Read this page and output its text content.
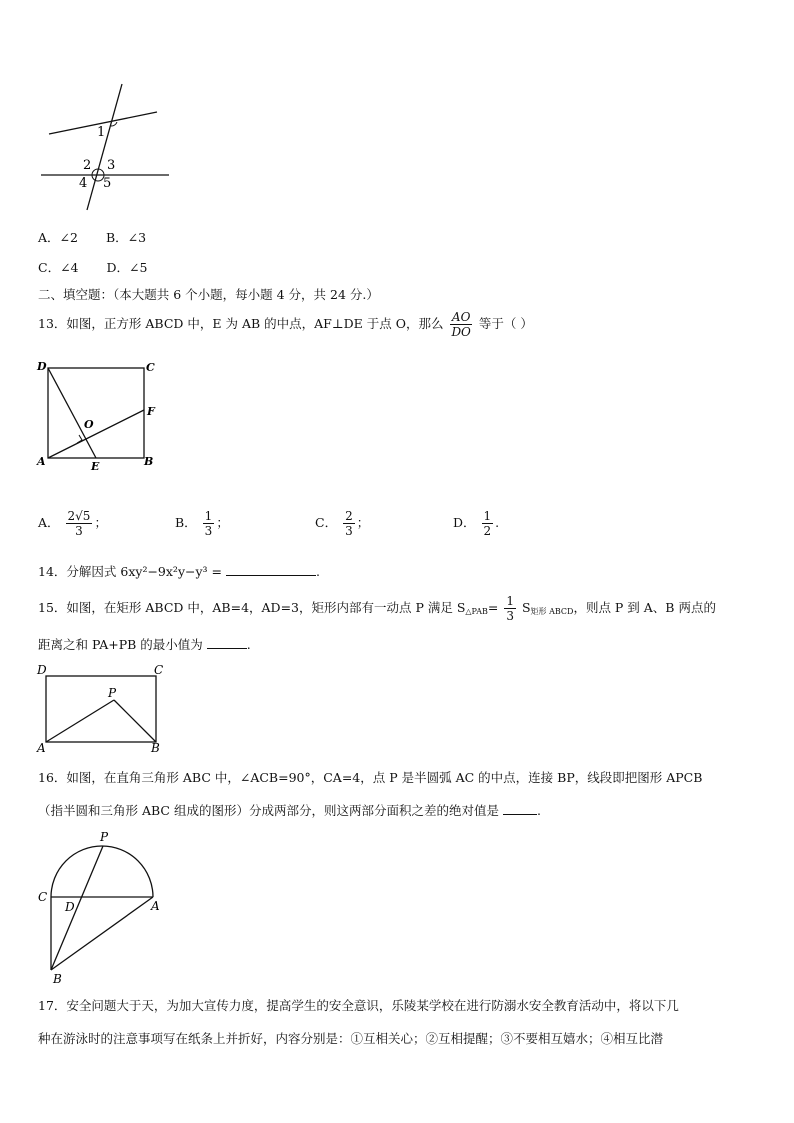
1
2 3
4 5
A．∠2 B．∠3
C．∠4 D．∠5
二、填空题：（本大题共 6 个小题，每小题 4 分，共 24 分.）
13．如图，正方形 ABCD 中，E 为 AB 的中点，AF⊥DE 于点 O，那么 $\frac{AO}{DO}$ 等于（ ）
D	C
F
O
A	E	B
A． $\frac{2√5}{3}$ ；	B． $\frac{1}{3}$ ；	C． $\frac{2}{3}$ ；	D． $\frac{1}{2}$ .
14．分解因式 6xy²−9x²y−y³ =	.
15．如图，在矩形 ABCD 中，AB=4，AD=3，矩形内部有一动点 P 满足 $S_{\triangle PAB}= \frac{1}{3} S_{矩形 ABCD}$，则点 P 到 A、B 两点的
距离之和 PA+PB 的最小值为	.
D	C
P
A	B
16．如图，在直角三角形 ABC 中，∠ACB=90°，CA=4，点 P 是半圆弧 AC 的中点，连接 BP，线段即把图形 APCB
（指半圆和三角形 ABC 组成的图形）分成两部分，则这两部分面积之差的绝对值是	.
P
C
D	A
B
17．安全问题大于天，为加大宣传力度，提高学生的安全意识，乐陵某学校在进行防溺水安全教育活动中，将以下几
种在游泳时的注意事项写在纸条上并折好，内容分别是：①互相关心；②互相提醒；③不要相互嬉水；④相互比潜
